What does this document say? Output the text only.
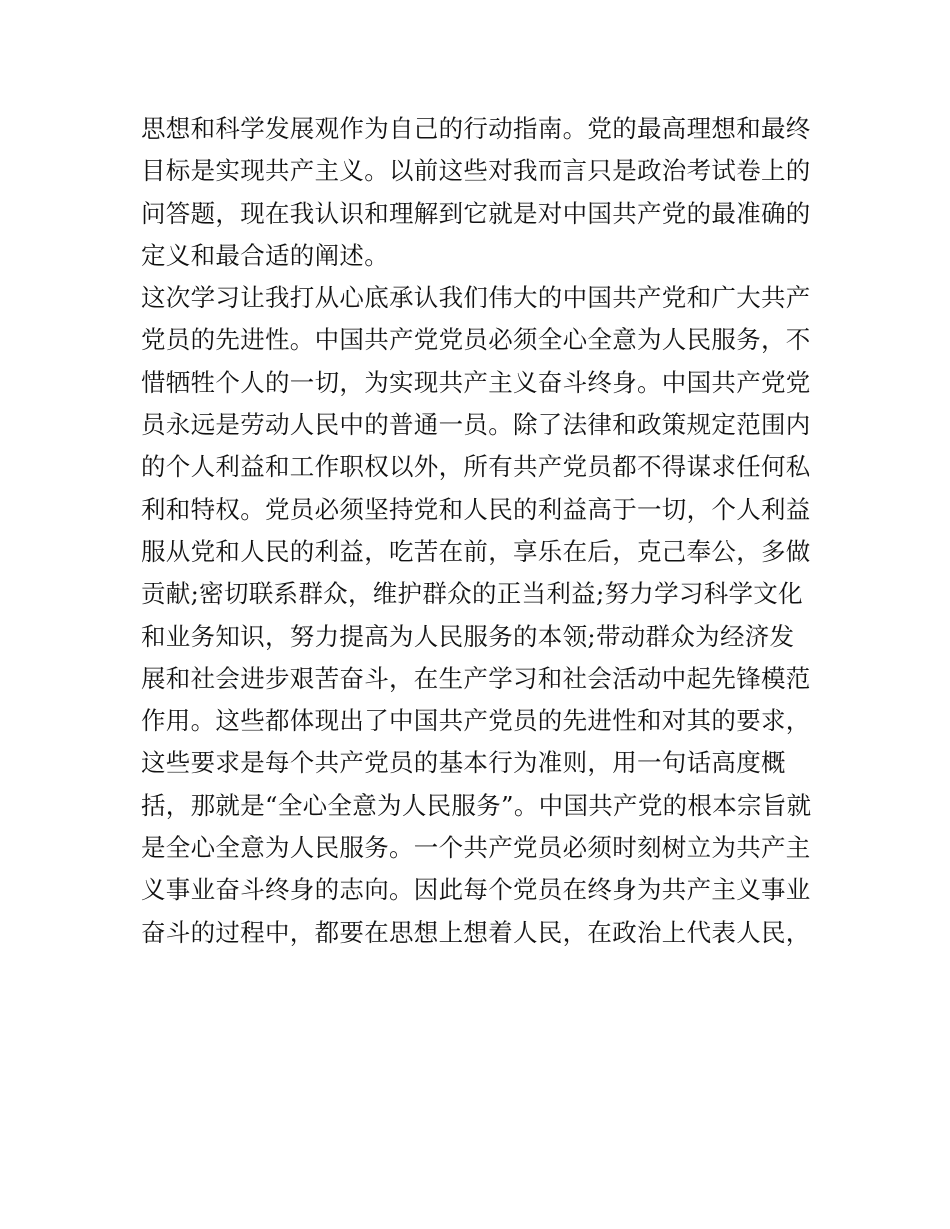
思想和科学发展观作为自己的行动指南。党的最高理想和最终
目标是实现共产主义。以前这些对我而言只是政治考试卷上的
问答题，现在我认识和理解到它就是对中国共产党的最准确的
定义和最合适的阐述。
这次学习让我打从心底承认我们伟大的中国共产党和广大共产
党员的先进性。中国共产党党员必须全心全意为人民服务，不
惜牺牲个人的一切，为实现共产主义奋斗终身。中国共产党党
员永远是劳动人民中的普通一员。除了法律和政策规定范围内
的个人利益和工作职权以外，所有共产党员都不得谋求任何私
利和特权。党员必须坚持党和人民的利益高于一切，个人利益
服从党和人民的利益，吃苦在前，享乐在后，克己奉公，多做
贡献;密切联系群众，维护群众的正当利益;努力学习科学文化
和业务知识，努力提高为人民服务的本领;带动群众为经济发
展和社会进步艰苦奋斗，在生产学习和社会活动中起先锋模范
作用。这些都体现出了中国共产党员的先进性和对其的要求，
这些要求是每个共产党员的基本行为准则，用一句话高度概
括，那就是“全心全意为人民服务”。中国共产党的根本宗旨就
是全心全意为人民服务。一个共产党员必须时刻树立为共产主
义事业奋斗终身的志向。因此每个党员在终身为共产主义事业
奋斗的过程中，都要在思想上想着人民，在政治上代表人民，
